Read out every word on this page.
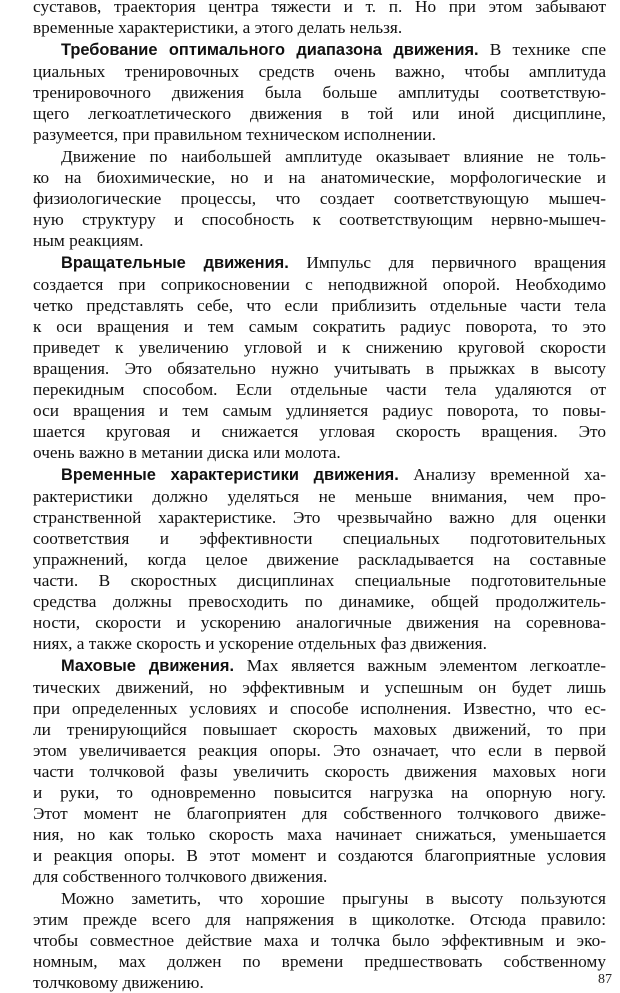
суставов, траектория центра тяжести и т. п. Но при этом забывают
временные характеристики, а этого делать нельзя.

Требование оптимального диапазона движения. В технике спе
циальных тренировочных средств очень важно, чтобы амплитуда
тренировочного движения была больше амплитуды соответствую-
щего легкоатлетического движения в той или иной дисциплине,
разумеется, при правильном техническом исполнении.

Движение по наибольшей амплитуде оказывает влияние не толь-
ко на биохимические, но и на анатомические, морфологические и
физиологические процессы, что создает соответствующую мышеч-
ную структуру и способность к соответствующим нервно-мышеч-
ным реакциям.

Вращательные движения. Импульс для первичного вращения
создается при соприкосновении с неподвижной опорой. Необходимо
четко представлять себе, что если приблизить отдельные части тела
к оси вращения и тем самым сократить радиус поворота, то это
приведет к увеличению угловой и к снижению круговой скорости
вращения. Это обязательно нужно учитывать в прыжках в высоту
перекидным способом. Если отдельные части тела удаляются от
оси вращения и тем самым удлиняется радиус поворота, то повы-
шается круговая и снижается угловая скорость вращения. Это
очень важно в метании диска или молота.

Временные характеристики движения. Анализу временной ха-
рактеристики должно уделяться не меньше внимания, чем про-
странственной характеристике. Это чрезвычайно важно для оценки
соответствия и эффективности специальных подготовительных
упражнений, когда целое движение раскладывается на составные
части. В скоростных дисциплинах специальные подготовительные
средства должны превосходить по динамике, общей продолжитель-
ности, скорости и ускорению аналогичные движения на соревнова-
ниях, а также скорость и ускорение отдельных фаз движения.

Маховые движения. Мах является важным элементом легкоатле-
тических движений, но эффективным и успешным он будет лишь
при определенных условиях и способе исполнения. Известно, что ес-
ли тренирующийся повышает скорость маховых движений, то при
этом увеличивается реакция опоры. Это означает, что если в первой
части толчковой фазы увеличить скорость движения маховых ноги
и руки, то одновременно повысится нагрузка на опорную ногу.
Этот момент не благоприятен для собственного толчкового движе-
ния, но как только скорость маха начинает снижаться, уменьшается
и реакция опоры. В этот момент и создаются благоприятные условия
для собственного толчкового движения.

Можно заметить, что хорошие прыгуны в высоту пользуются
этим прежде всего для напряжения в щиколотке. Отсюда правило:
чтобы совместное действие маха и толчка было эффективным и эко-
номным, мах должен по времени предшествовать собственному
толчковому движению.	87
